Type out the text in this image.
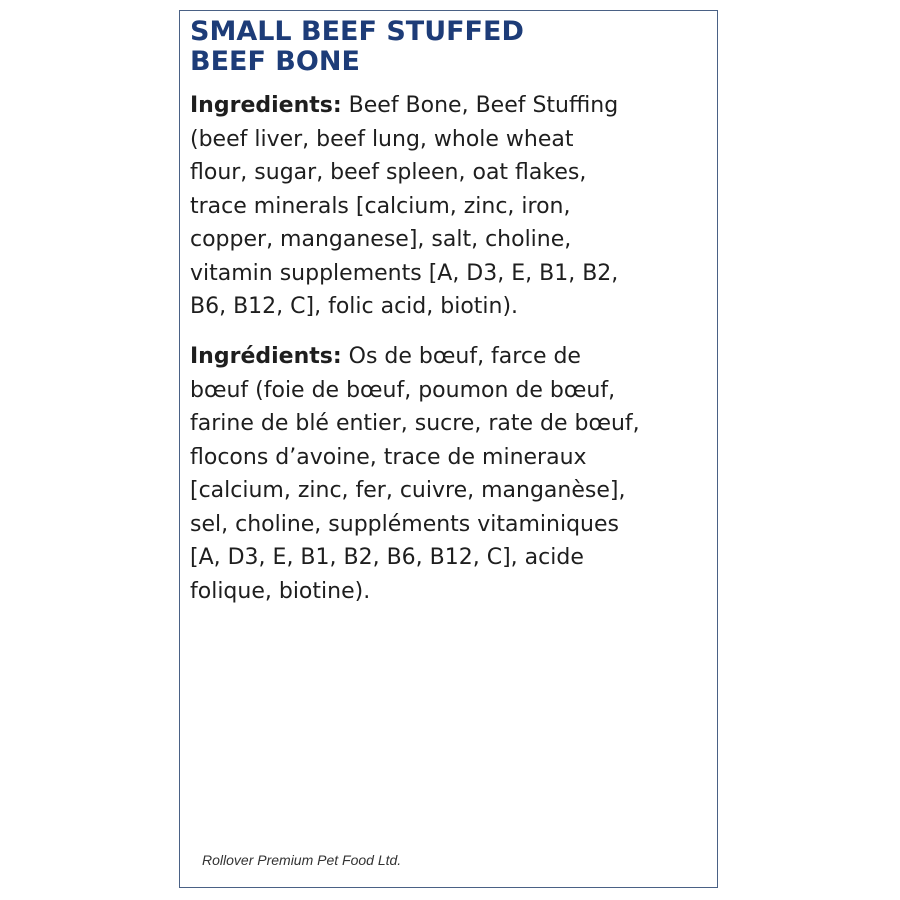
SMALL BEEF STUFFED
BEEF BONE

Ingredients: Beef Bone, Beef Stuffing
(beef liver, beef lung, whole wheat
flour, sugar, beef spleen, oat flakes,
trace minerals [calcium, zinc, iron,
copper, manganese], salt, choline,
vitamin supplements [A, D3, E, B1, B2,
B6, B12, C], folic acid, biotin).

Ingrédients: Os de bœuf, farce de
bœuf (foie de bœuf, poumon de bœuf,
farine de blé entier, sucre, rate de bœuf,
flocons d’avoine, trace de mineraux
[calcium, zinc, fer, cuivre, manganèse],
sel, choline, suppléments vitaminiques
[A, D3, E, B1, B2, B6, B12, C], acide
folique, biotine).

Rollover Premium Pet Food Ltd.
